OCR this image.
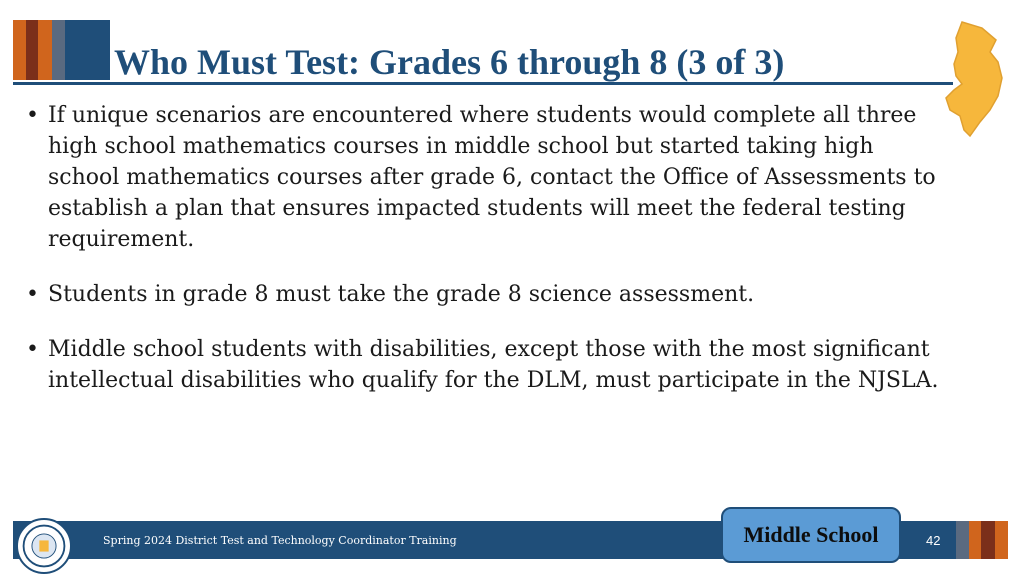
Who Must Test: Grades 6 through 8 (3 of 3)
• If unique scenarios are encountered where students would complete all three high school mathematics courses in middle school but started taking high school mathematics courses after grade 6, contact the Office of Assessments to establish a plan that ensures impacted students will meet the federal testing requirement.
• Students in grade 8 must take the grade 8 science assessment.
• Middle school students with disabilities, except those with the most significant intellectual disabilities who qualify for the DLM, must participate in the NJSLA.
Spring 2024 District Test and Technology Coordinator Training	Middle School	42
